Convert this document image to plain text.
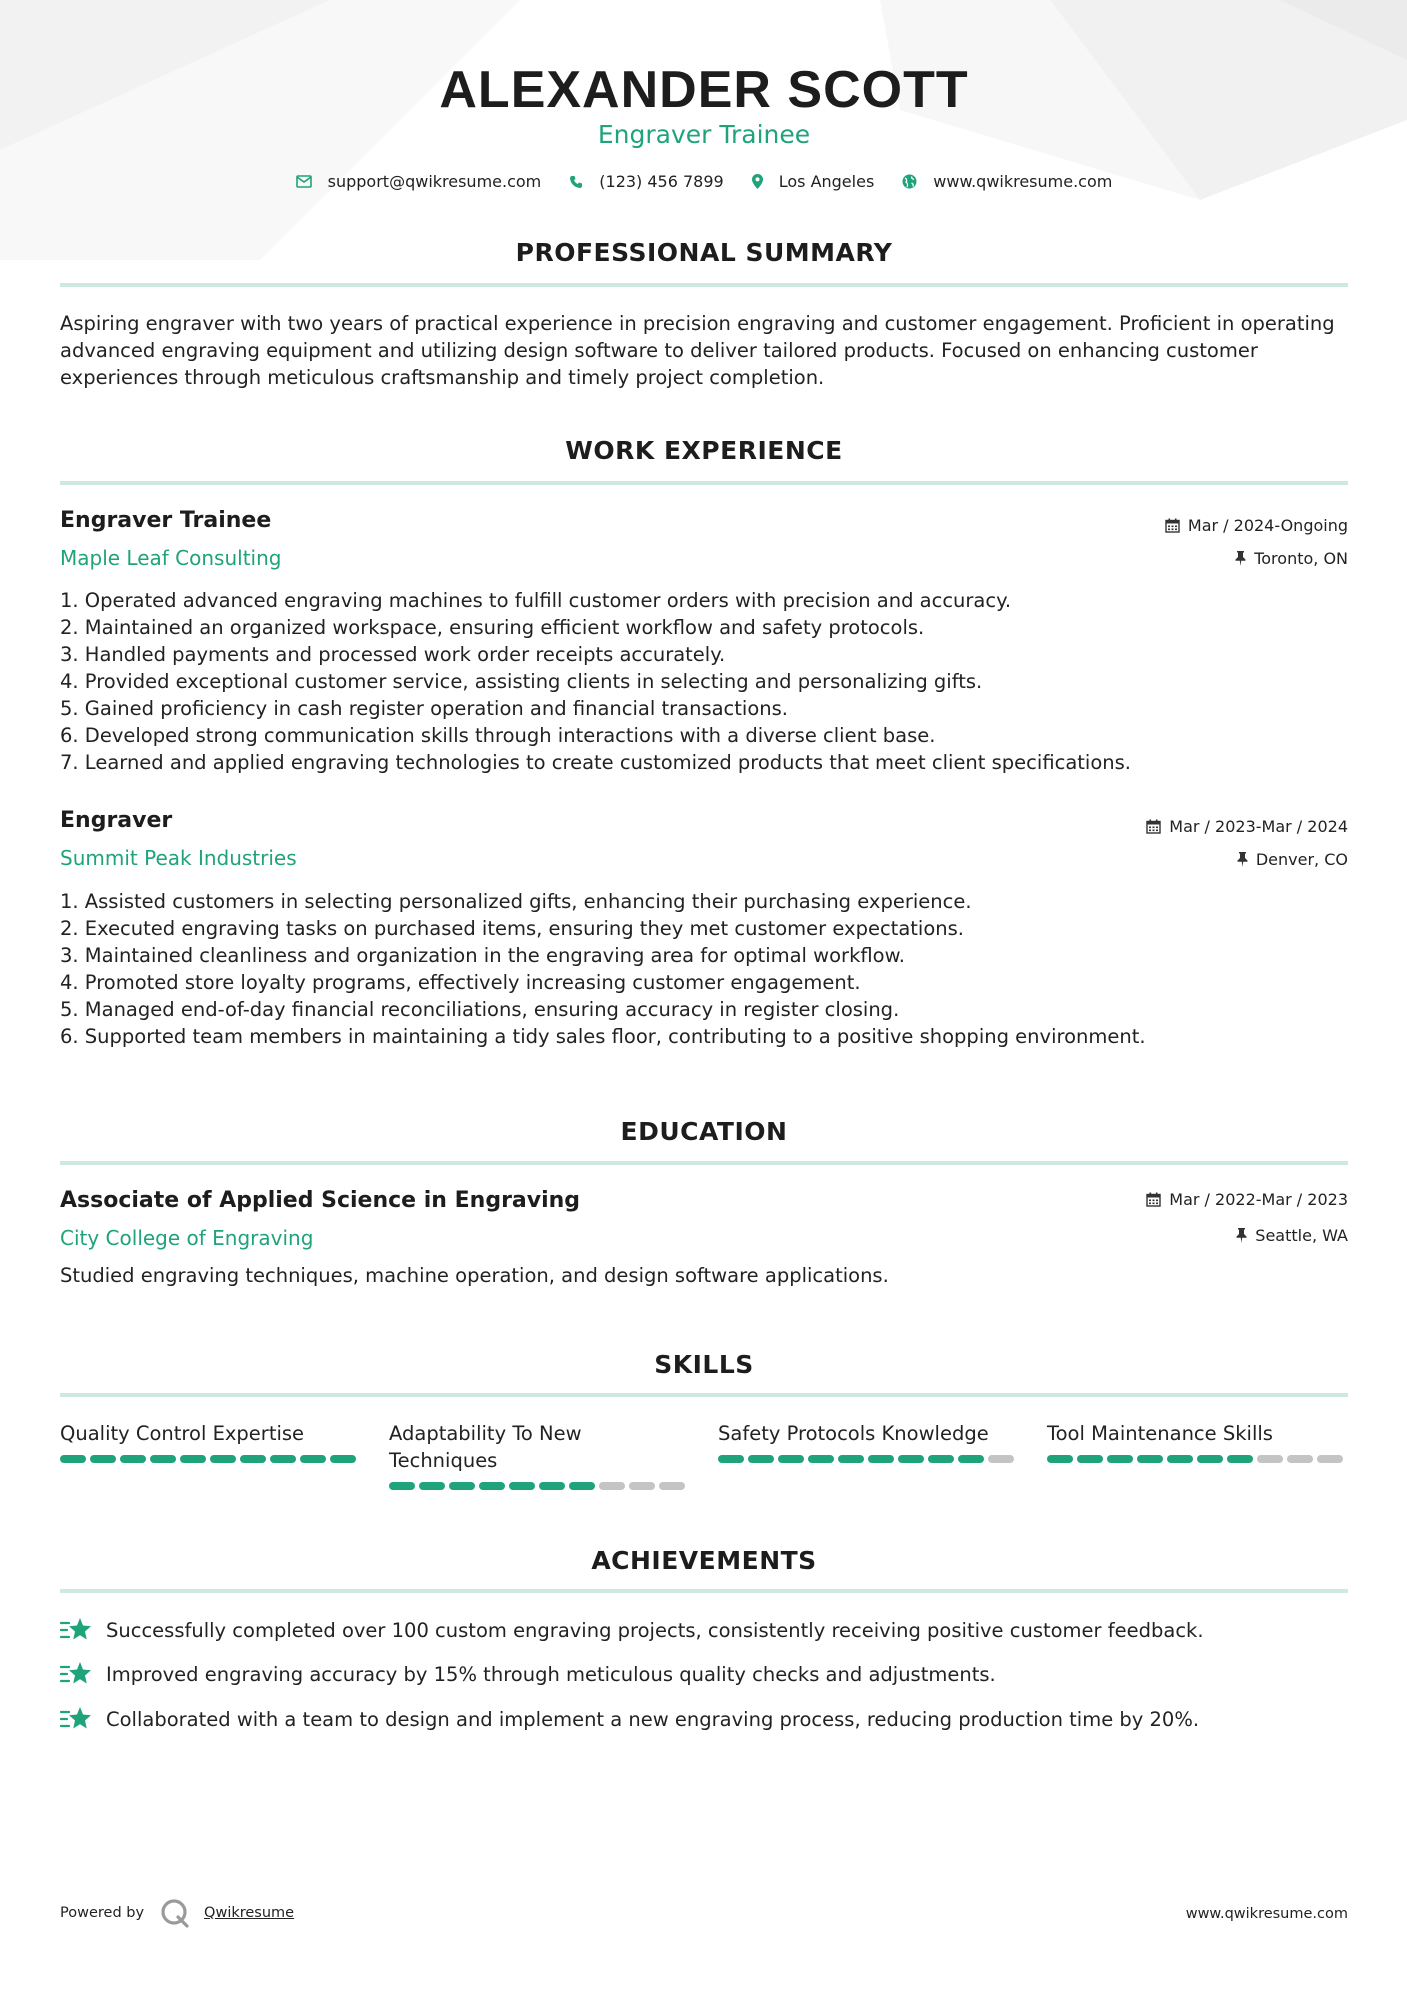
ALEXANDER SCOTT
Engraver Trainee
support@qwikresume.com	(123) 456 7899	Los Angeles	www.qwikresume.com
PROFESSIONAL SUMMARY
Aspiring engraver with two years of practical experience in precision engraving and customer engagement. Proficient in operating advanced engraving equipment and utilizing design software to deliver tailored products. Focused on enhancing customer experiences through meticulous craftsmanship and timely project completion.
WORK EXPERIENCE
Engraver Trainee
Maple Leaf Consulting
Mar / 2024-Ongoing
Toronto, ON
1. Operated advanced engraving machines to fulfill customer orders with precision and accuracy.
2. Maintained an organized workspace, ensuring efficient workflow and safety protocols.
3. Handled payments and processed work order receipts accurately.
4. Provided exceptional customer service, assisting clients in selecting and personalizing gifts.
5. Gained proficiency in cash register operation and financial transactions.
6. Developed strong communication skills through interactions with a diverse client base.
7. Learned and applied engraving technologies to create customized products that meet client specifications.
Engraver
Summit Peak Industries
Mar / 2023-Mar / 2024
Denver, CO
1. Assisted customers in selecting personalized gifts, enhancing their purchasing experience.
2. Executed engraving tasks on purchased items, ensuring they met customer expectations.
3. Maintained cleanliness and organization in the engraving area for optimal workflow.
4. Promoted store loyalty programs, effectively increasing customer engagement.
5. Managed end-of-day financial reconciliations, ensuring accuracy in register closing.
6. Supported team members in maintaining a tidy sales floor, contributing to a positive shopping environment.
EDUCATION
Associate of Applied Science in Engraving
City College of Engraving
Mar / 2022-Mar / 2023
Seattle, WA
Studied engraving techniques, machine operation, and design software applications.
SKILLS
Quality Control Expertise	Adaptability To New Techniques
Safety Protocols Knowledge	Tool Maintenance Skills
ACHIEVEMENTS
Successfully completed over 100 custom engraving projects, consistently receiving positive customer feedback.
Improved engraving accuracy by 15% through meticulous quality checks and adjustments.
Collaborated with a team to design and implement a new engraving process, reducing production time by 20%.
Powered by	Qwikresume	www.qwikresume.com
